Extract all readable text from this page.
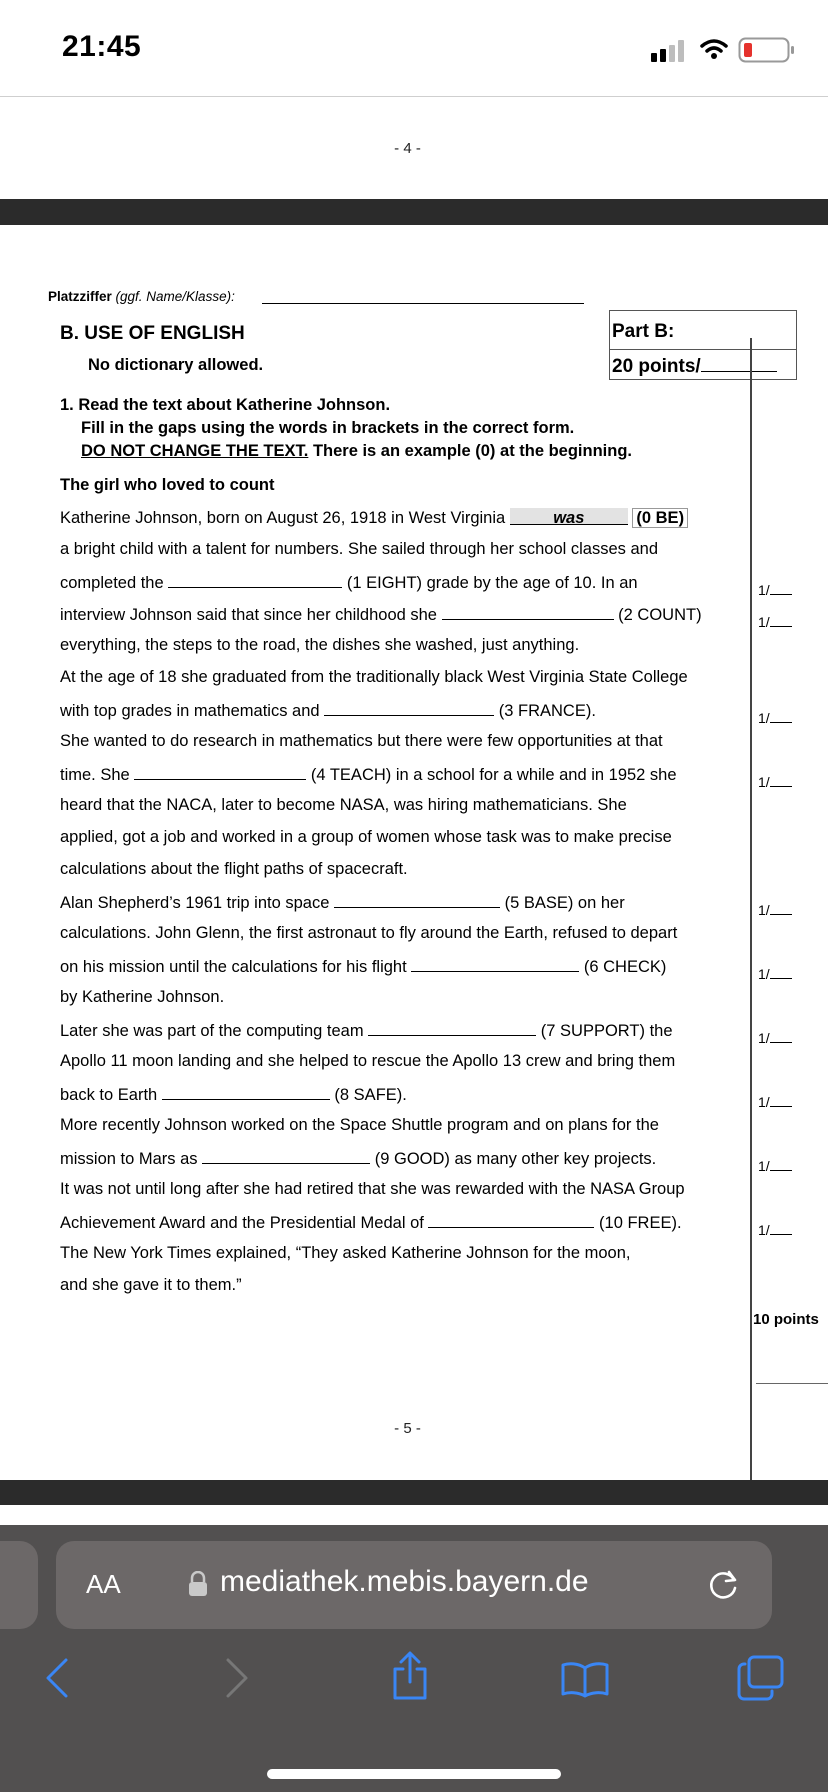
21:45
- 4 -
Platzziffer (ggf. Name/Klasse):
B. USE OF ENGLISH
No dictionary allowed.
Part B:
20 points/
1. Read the text about Katherine Johnson.
Fill in the gaps using the words in brackets in the correct form.
DO NOT CHANGE THE TEXT. There is an example (0) at the beginning.
The girl who loved to count
Katherine Johnson, born on August 26, 1918 in West Virginia	was	(0 BE)
a bright child with a talent for numbers. She sailed through her school classes and
completed the	(1 EIGHT) grade by the age of 10. In an
interview Johnson said that since her childhood she	(2 COUNT)
everything, the steps to the road, the dishes she washed, just anything.
At the age of 18 she graduated from the traditionally black West Virginia State College
with top grades in mathematics and	(3 FRANCE).
She wanted to do research in mathematics but there were few opportunities at that
time. She	(4 TEACH) in a school for a while and in 1952 she
heard that the NACA, later to become NASA, was hiring mathematicians. She
applied, got a job and worked in a group of women whose task was to make precise
calculations about the flight paths of spacecraft.
Alan Shepherd’s 1961 trip into space	(5 BASE) on her
calculations. John Glenn, the first astronaut to fly around the Earth, refused to depart
on his mission until the calculations for his flight	(6 CHECK)
by Katherine Johnson.
Later she was part of the computing team	(7 SUPPORT) the
Apollo 11 moon landing and she helped to rescue the Apollo 13 crew and bring them
back to Earth	(8 SAFE).
More recently Johnson worked on the Space Shuttle program and on plans for the
mission to Mars as	(9 GOOD) as many other key projects.
It was not until long after she had retired that she was rewarded with the NASA Group
Achievement Award and the Presidential Medal of	(10 FREE).
The New York Times explained, “They asked Katherine Johnson for the moon,
and she gave it to them.”
1/
1/
1/
1/
1/
1/
1/
1/
1/
1/
10 points
- 5 -
AA	mediathek.mebis.bayern.de
